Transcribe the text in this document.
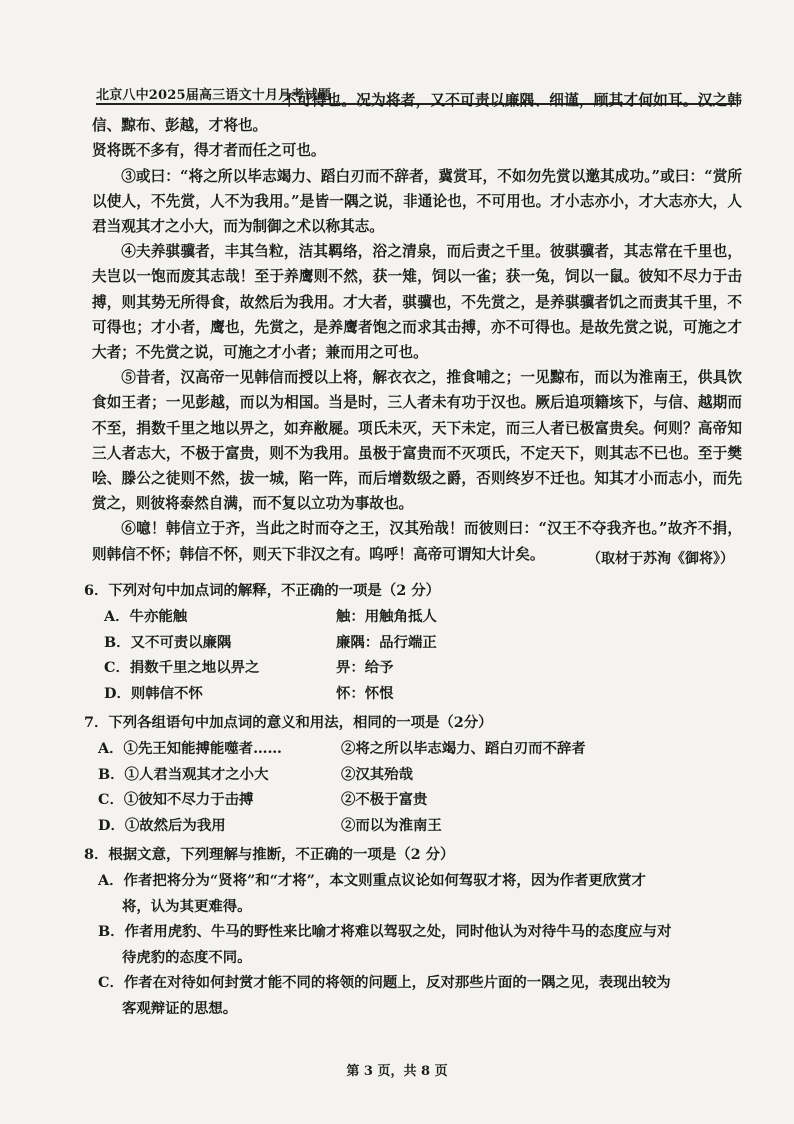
北京八中2025届高三语文十月月考试题

不可得也。况为将者，又不可责以廉隅、细谨，顾其才何如耳。汉之韩信、黥布、彭越，才将也。

贤将既不多有，得才者而任之可也。

③或曰：“将之所以毕志竭力、蹈白刃而不辞者，冀赏耳，不如勿先赏以邀其成功。”或曰：“赏所以使人，不先赏，人不为我用。”是皆一隅之说，非通论也，不可用也。才小志亦小，才大志亦大，人君当观其才之小大，而为制御之术以称其志。

④夫养骐骥者，丰其刍粒，洁其羁络，浴之清泉，而后责之千里。彼骐骥者，其志常在千里也，夫岂以一饱而废其志哉！至于养鹰则不然，获一雉，饲以一雀；获一兔，饲以一鼠。彼知不尽力于击搏，则其势无所得食，故然后为我用。才大者，骐骥也，不先赏之，是养骐骥者饥之而责其千里，不可得也；才小者，鹰也，先赏之，是养鹰者饱之而求其击搏，亦不可得也。是故先赏之说，可施之才大者；不先赏之说，可施之才小者；兼而用之可也。

⑤昔者，汉高帝一见韩信而授以上将，解衣衣之，推食哺之；一见黥布，而以为淮南王，供具饮食如王者；一见彭越，而以为相国。当是时，三人者未有功于汉也。厥后追项籍垓下，与信、越期而不至，捐数千里之地以畀之，如弃敝屣。项氏未灭，天下未定，而三人者已极富贵矣。何则？高帝知三人者志大，不极于富贵，则不为我用。虽极于富贵而不灭项氏，不定天下，则其志不已也。至于樊哙、滕公之徒则不然，拔一城，陷一阵，而后增数级之爵，否则终岁不迁也。知其才小而志小，而先赏之，则彼将泰然自满，而不复以立功为事故也。

⑥噫！韩信立于齐，当此之时而夺之王，汉其殆哉！而彼则曰：“汉王不夺我齐也。”故齐不捐，则韩信不怀；韩信不怀，则天下非汉之有。呜呼！高帝可谓知大计矣。	（取材于苏洵《御将》）

6．下列对句中加点词的解释，不正确的一项是（2 分）

A．牛亦能触	触：用触角抵人
B．又不可责以廉隅	廉隅：品行端正
C．捐数千里之地以畀之	畀：给予
D．则韩信不怀	怀：怀恨

7．下列各组语句中加点词的意义和用法，相同的一项是（2分）

A．①先王知能搏能噬者……	②将之所以毕志竭力、蹈白刃而不辞者
B．①人君当观其才之小大	②汉其殆哉
C．①彼知不尽力于击搏	②不极于富贵
D．①故然后为我用	②而以为淮南王

8．根据文意，下列理解与推断，不正确的一项是（2 分）

A．作者把将分为“贤将”和“才将”，本文则重点议论如何驾驭才将，因为作者更欣赏才
将，认为其更难得。
B．作者用虎豹、牛马的野性来比喻才将难以驾驭之处，同时他认为对待牛马的态度应与对
待虎豹的态度不同。
C．作者在对待如何封赏才能不同的将领的问题上，反对那些片面的一隅之见，表现出较为
客观辩证的思想。
第 3 页，共 8 页
